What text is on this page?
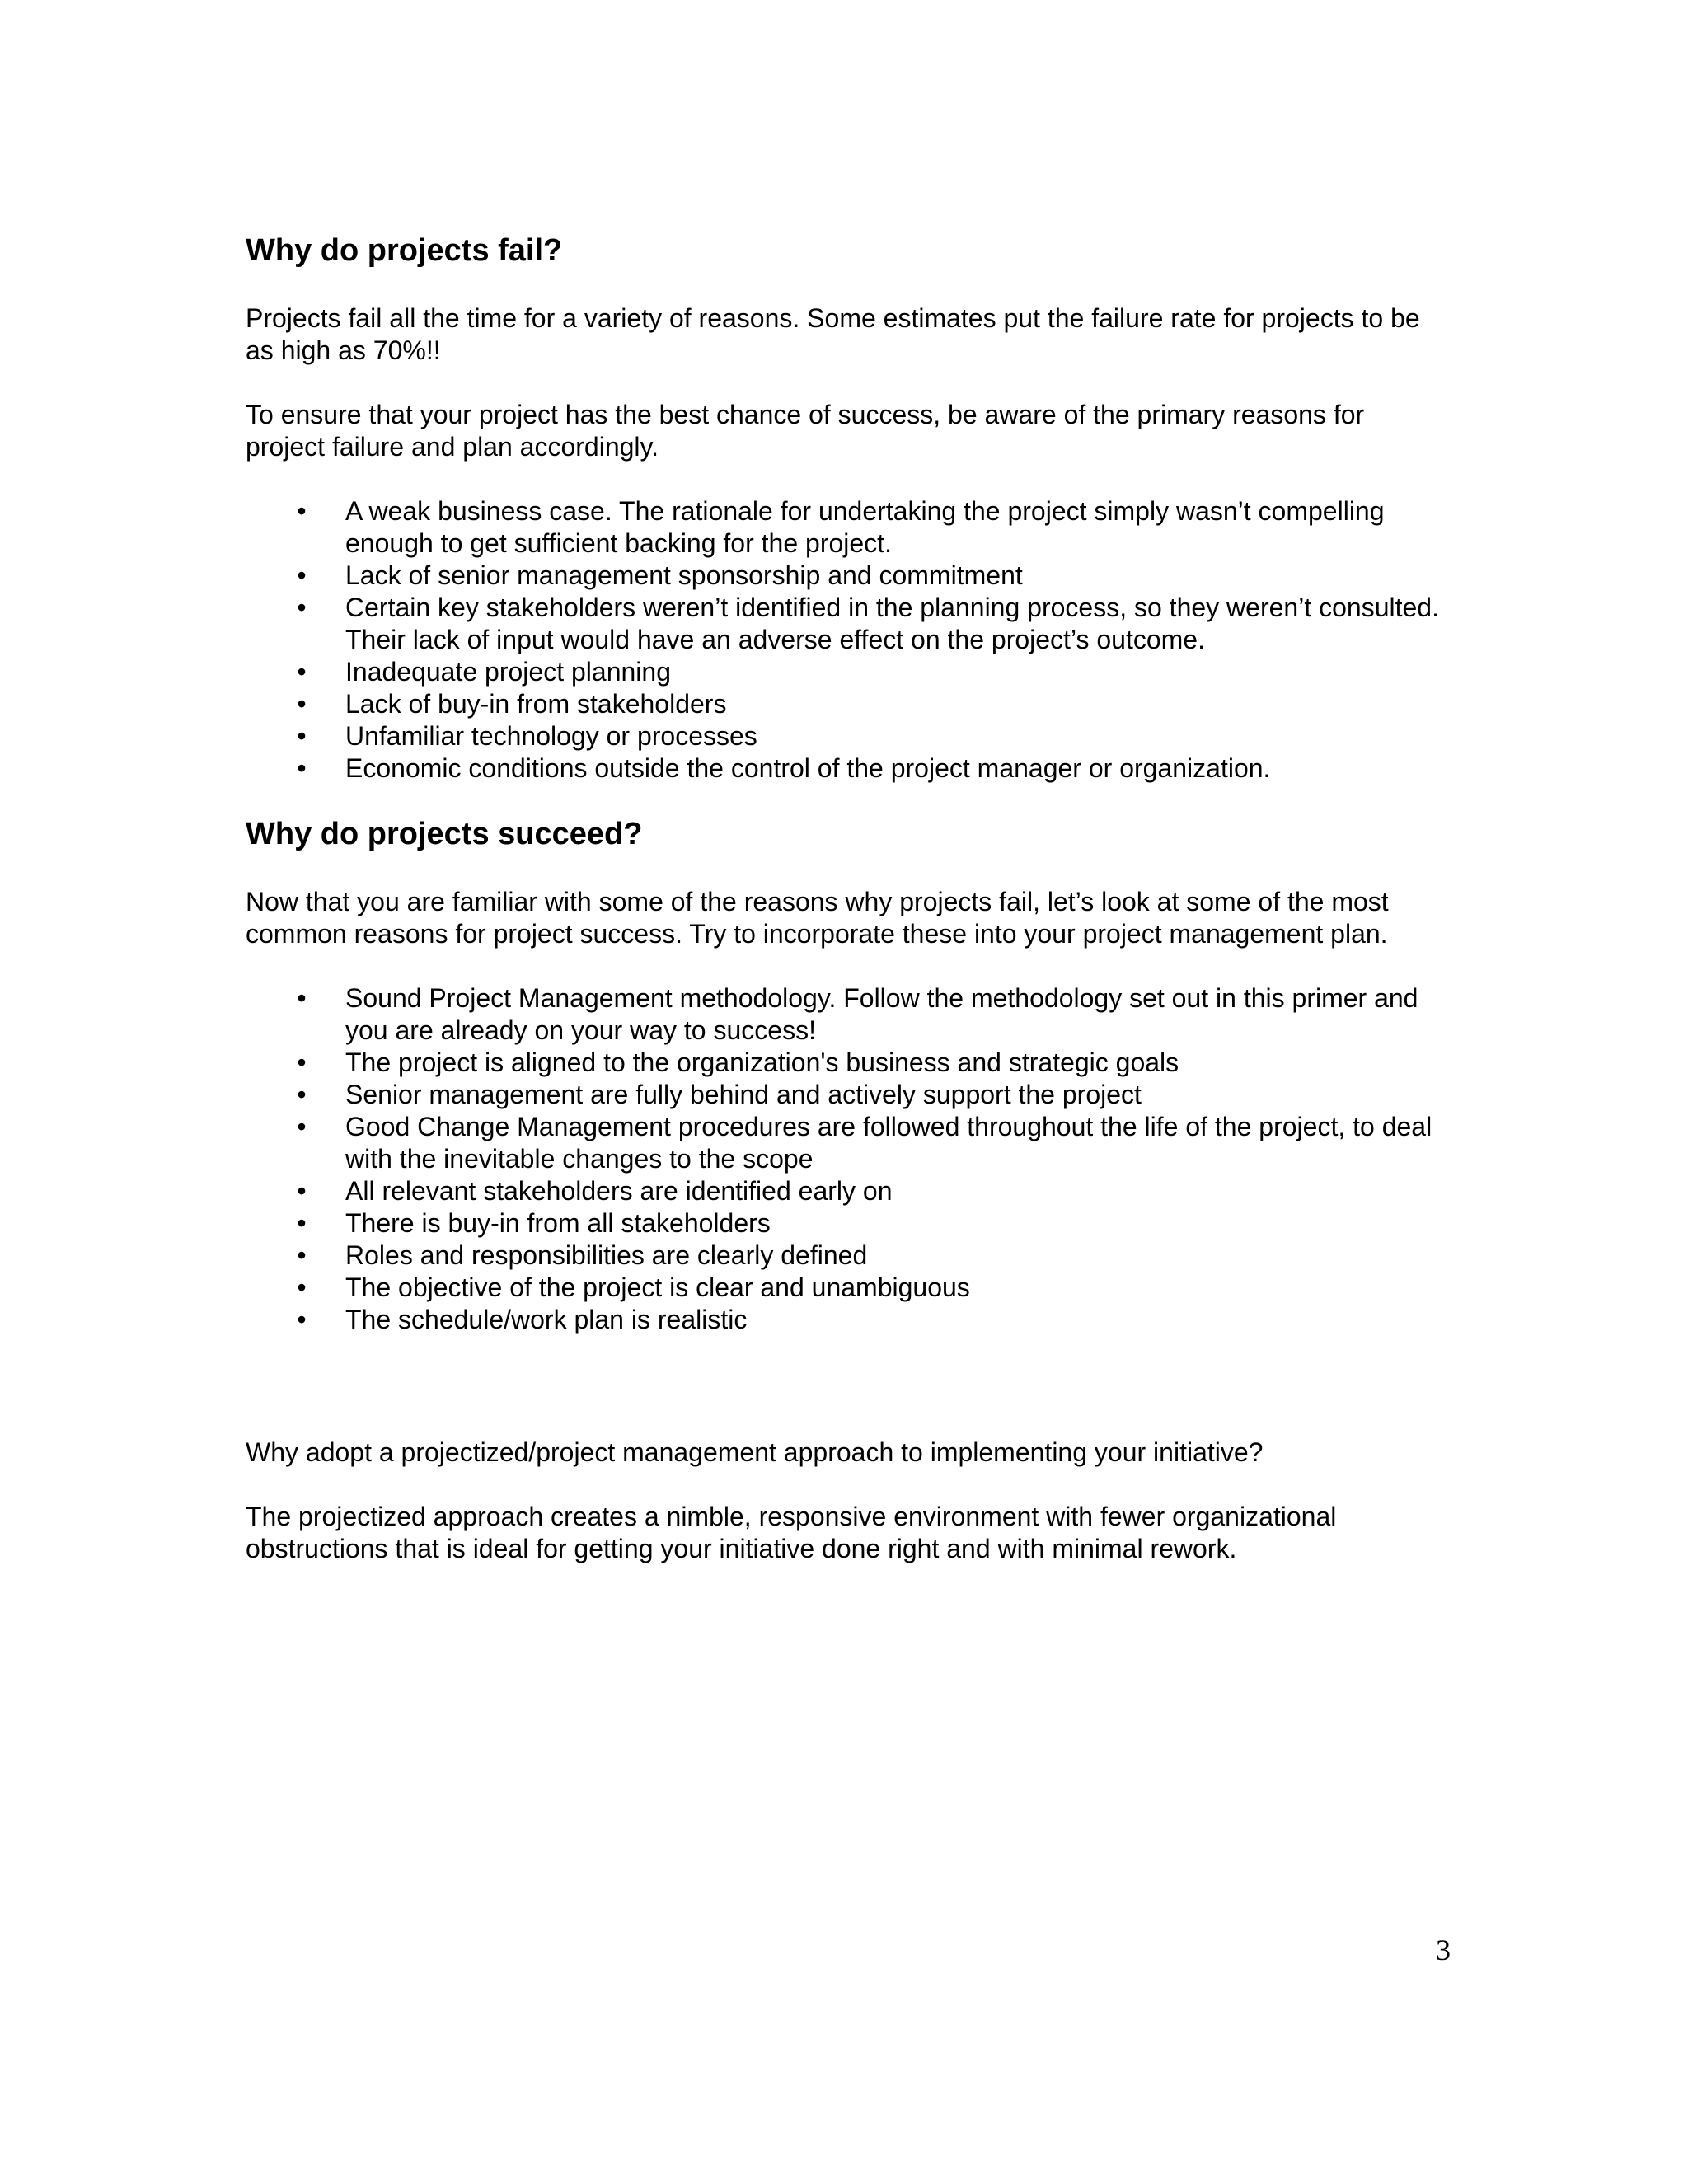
Why do projects fail?

Projects fail all the time for a variety of reasons. Some estimates put the failure rate for projects to be as high as 70%!!

To ensure that your project has the best chance of success, be aware of the primary reasons for project failure and plan accordingly.

• A weak business case. The rationale for undertaking the project simply wasn’t compelling enough to get sufficient backing for the project.
• Lack of senior management sponsorship and commitment
• Certain key stakeholders weren’t identified in the planning process, so they weren’t consulted. Their lack of input would have an adverse effect on the project’s outcome.
• Inadequate project planning
• Lack of buy-in from stakeholders
• Unfamiliar technology or processes
• Economic conditions outside the control of the project manager or organization.
Why do projects succeed?

Now that you are familiar with some of the reasons why projects fail, let’s look at some of the most common reasons for project success. Try to incorporate these into your project management plan.

• Sound Project Management methodology. Follow the methodology set out in this primer and you are already on your way to success!
• The project is aligned to the organization's business and strategic goals
• Senior management are fully behind and actively support the project
• Good Change Management procedures are followed throughout the life of the project, to deal with the inevitable changes to the scope
• All relevant stakeholders are identified early on
• There is buy-in from all stakeholders
• Roles and responsibilities are clearly defined
• The objective of the project is clear and unambiguous
• The schedule/work plan is realistic

Why adopt a projectized/project management approach to implementing your initiative?

The projectized approach creates a nimble, responsive environment with fewer organizational obstructions that is ideal for getting your initiative done right and with minimal rework.

3
